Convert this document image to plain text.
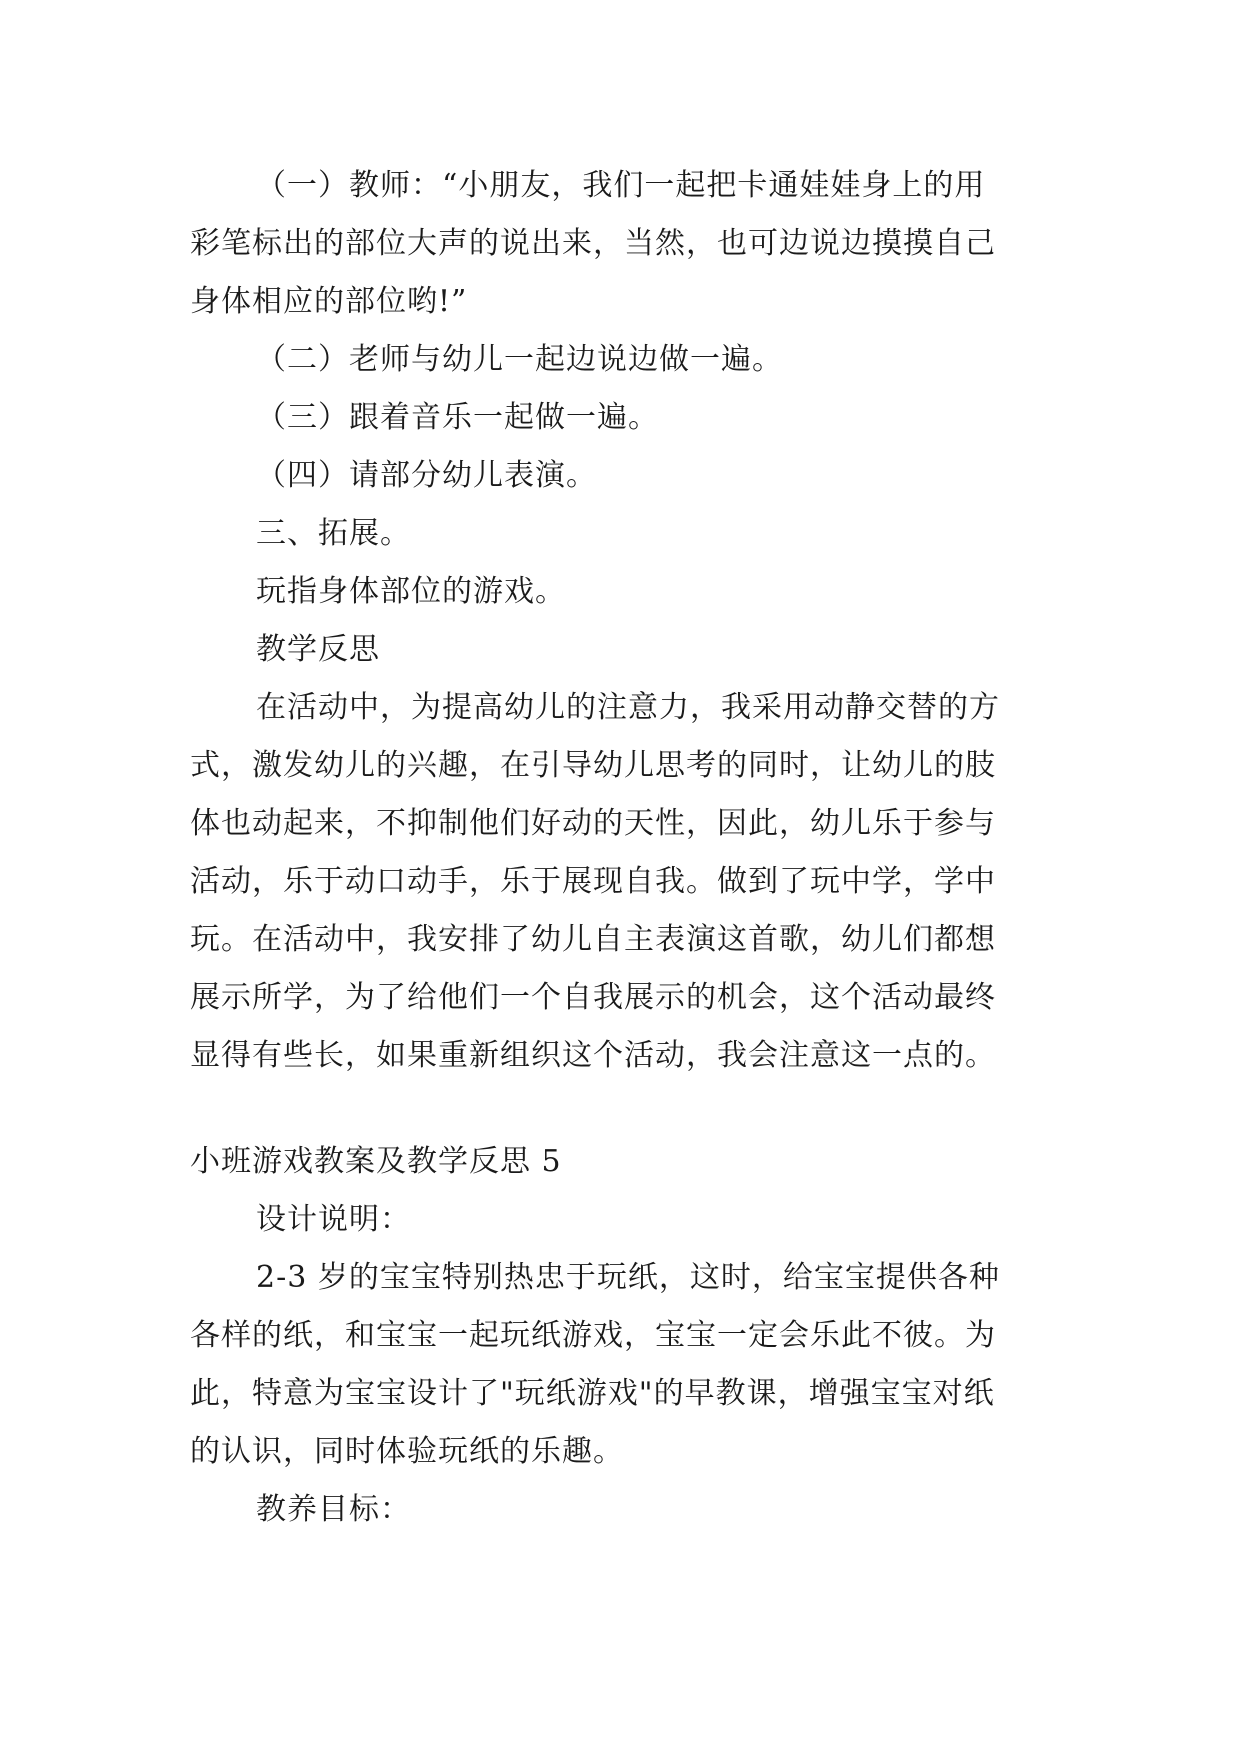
（一）教师：“小朋友，我们一起把卡通娃娃身上的用
彩笔标出的部位大声的说出来，当然，也可边说边摸摸自己
身体相应的部位哟!”
（二）老师与幼儿一起边说边做一遍。
（三）跟着音乐一起做一遍。
（四）请部分幼儿表演。
三、拓展。
玩指身体部位的游戏。
教学反思
在活动中，为提高幼儿的注意力，我采用动静交替的方
式，激发幼儿的兴趣，在引导幼儿思考的同时，让幼儿的肢
体也动起来，不抑制他们好动的天性，因此，幼儿乐于参与
活动，乐于动口动手，乐于展现自我。做到了玩中学，学中
玩。在活动中，我安排了幼儿自主表演这首歌，幼儿们都想
展示所学，为了给他们一个自我展示的机会，这个活动最终
显得有些长，如果重新组织这个活动，我会注意这一点的。
小班游戏教案及教学反思 5
设计说明：
2-3 岁的宝宝特别热忠于玩纸，这时，给宝宝提供各种
各样的纸，和宝宝一起玩纸游戏，宝宝一定会乐此不彼。为
此，特意为宝宝设计了"玩纸游戏"的早教课，增强宝宝对纸
的认识，同时体验玩纸的乐趣。
教养目标：
